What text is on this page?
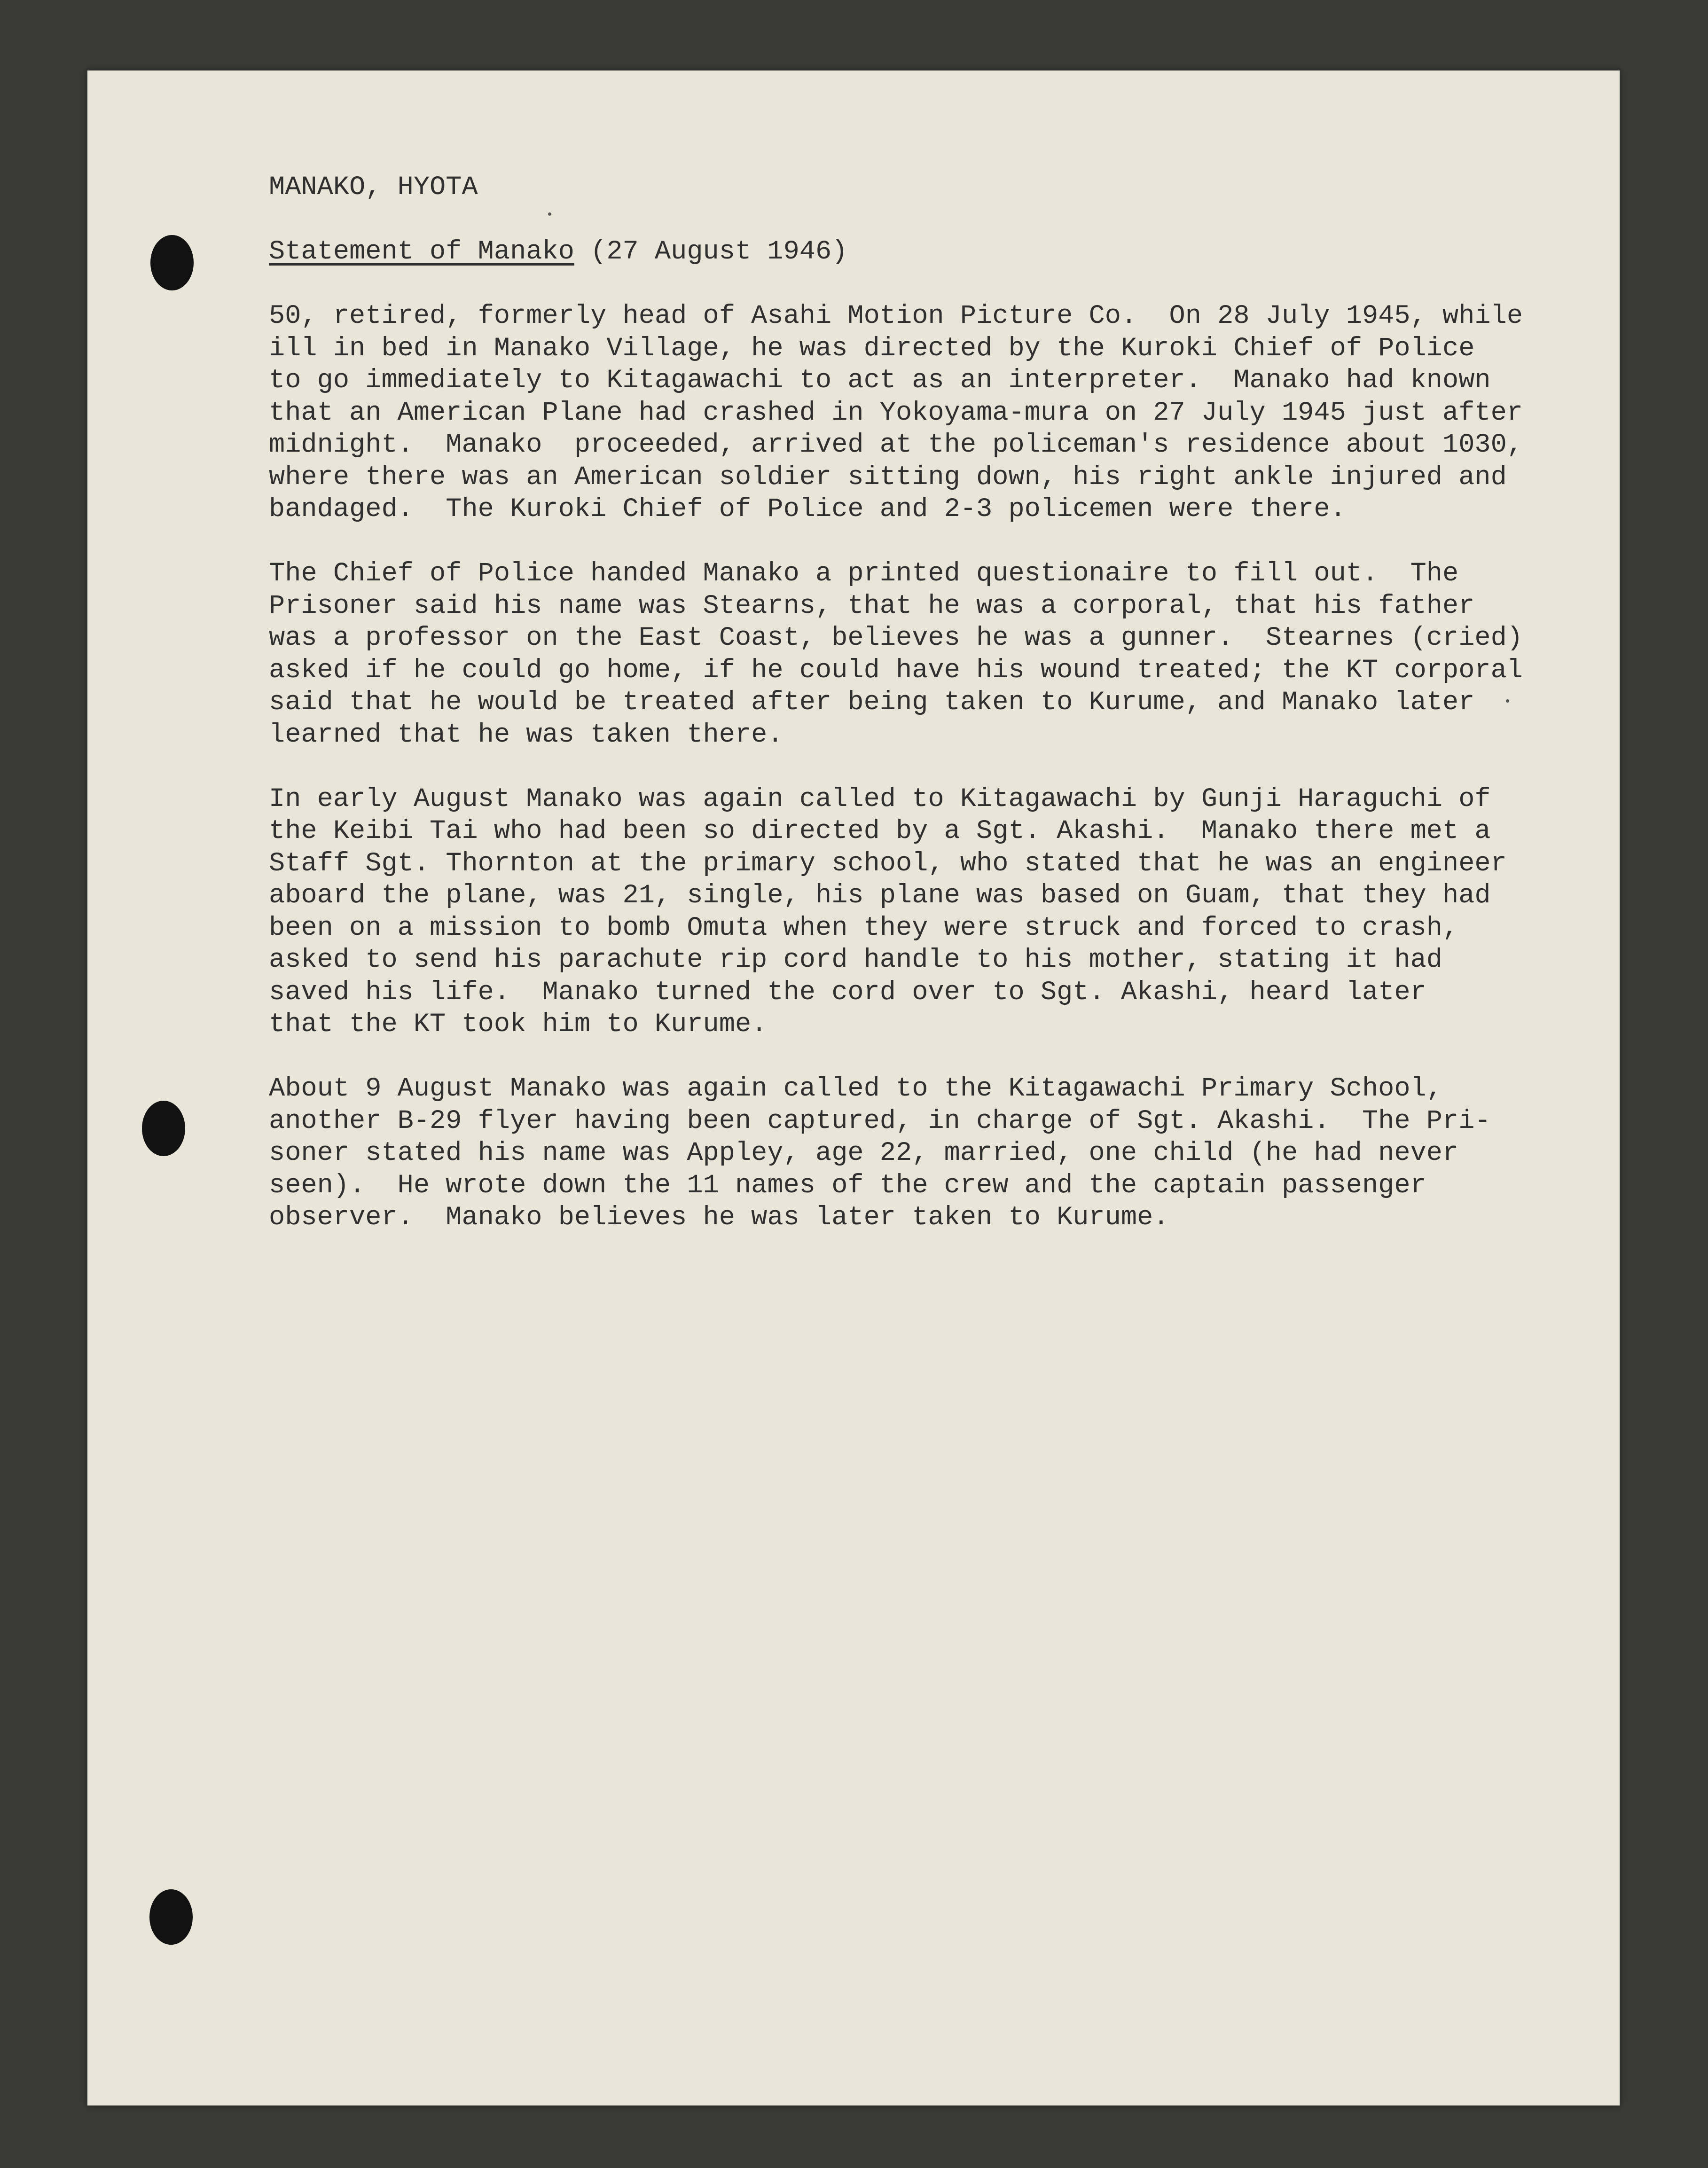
MANAKO, HYOTA
Statement of Manako (27 August 1946)
50, retired, formerly head of Asahi Motion Picture Co.  On 28 July 1945, while
ill in bed in Manako Village, he was directed by the Kuroki Chief of Police
to go immediately to Kitagawachi to act as an interpreter.  Manako had known
that an American Plane had crashed in Yokoyama-mura on 27 July 1945 just after
midnight.  Manako  proceeded, arrived at the policeman's residence about 1030,
where there was an American soldier sitting down, his right ankle injured and
bandaged.  The Kuroki Chief of Police and 2-3 policemen were there.
The Chief of Police handed Manako a printed questionaire to fill out.  The
Prisoner said his name was Stearns, that he was a corporal, that his father
was a professor on the East Coast, believes he was a gunner.  Stearnes (cried)
asked if he could go home, if he could have his wound treated; the KT corporal
said that he would be treated after being taken to Kurume, and Manako later
learned that he was taken there.
In early August Manako was again called to Kitagawachi by Gunji Haraguchi of
the Keibi Tai who had been so directed by a Sgt. Akashi.  Manako there met a
Staff Sgt. Thornton at the primary school, who stated that he was an engineer
aboard the plane, was 21, single, his plane was based on Guam, that they had
been on a mission to bomb Omuta when they were struck and forced to crash,
asked to send his parachute rip cord handle to his mother, stating it had
saved his life.  Manako turned the cord over to Sgt. Akashi, heard later
that the KT took him to Kurume.
About 9 August Manako was again called to the Kitagawachi Primary School,
another B-29 flyer having been captured, in charge of Sgt. Akashi.  The Pri-
soner stated his name was Appley, age 22, married, one child (he had never
seen).  He wrote down the 11 names of the crew and the captain passenger
observer.  Manako believes he was later taken to Kurume.
